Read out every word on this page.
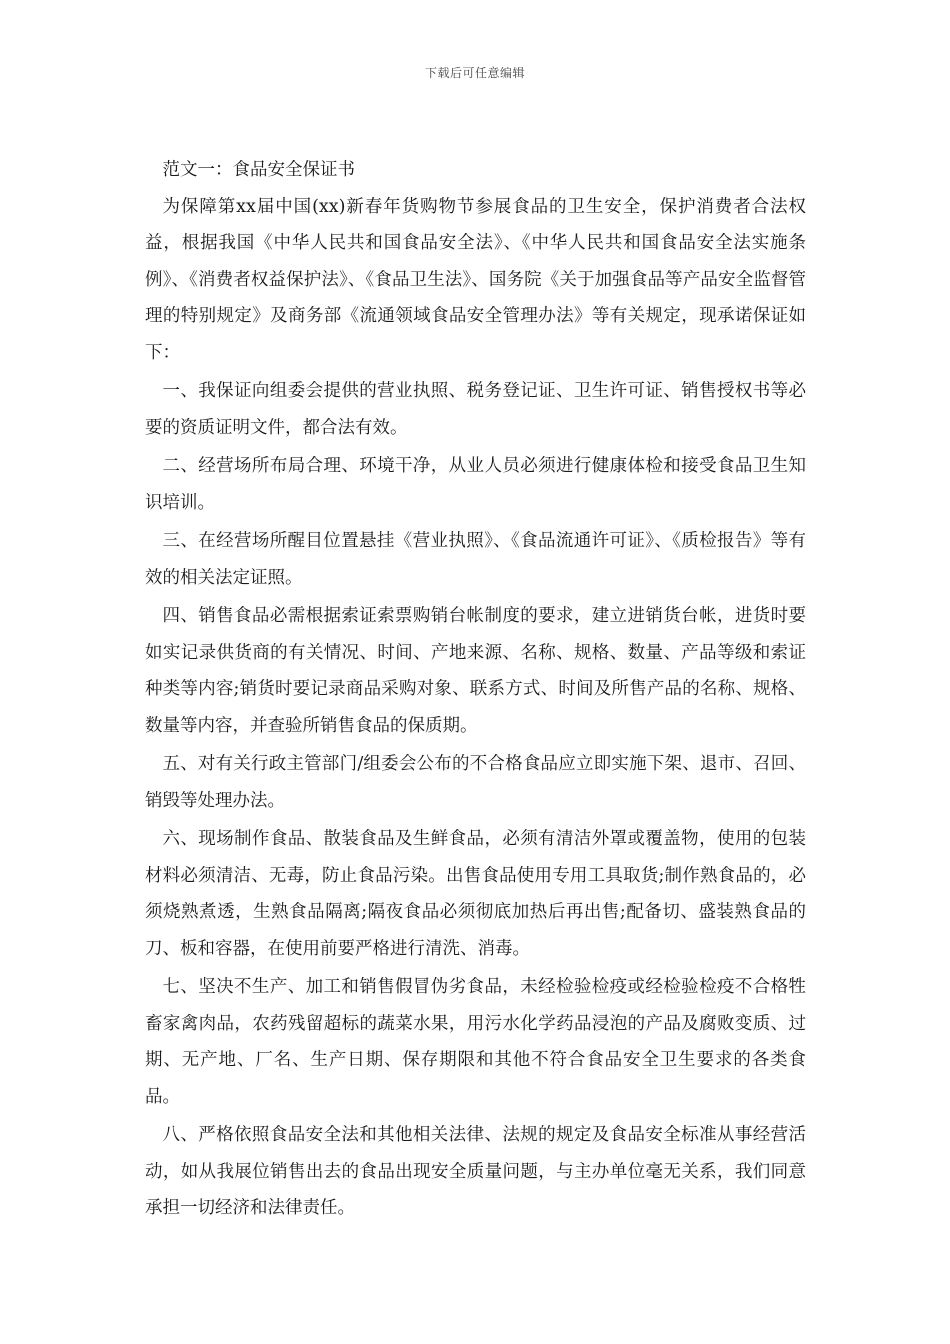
下载后可任意编辑

范文一：食品安全保证书

为保障第xx届中国(xx)新春年货购物节参展食品的卫生安全，保护消费者合法权益，根据我国《中华人民共和国食品安全法》、《中华人民共和国食品安全法实施条例》、《消费者权益保护法》、《食品卫生法》、国务院《关于加强食品等产品安全监督管理的特别规定》及商务部《流通领域食品安全管理办法》等有关规定，现承诺保证如下：

一、我保证向组委会提供的营业执照、税务登记证、卫生许可证、销售授权书等必要的资质证明文件，都合法有效。

二、经营场所布局合理、环境干净，从业人员必须进行健康体检和接受食品卫生知识培训。

三、在经营场所醒目位置悬挂《营业执照》、《食品流通许可证》、《质检报告》等有效的相关法定证照。

四、销售食品必需根据索证索票购销台帐制度的要求，建立进销货台帐，进货时要如实记录供货商的有关情况、时间、产地来源、名称、规格、数量、产品等级和索证种类等内容;销货时要记录商品采购对象、联系方式、时间及所售产品的名称、规格、数量等内容，并查验所销售食品的保质期。

五、对有关行政主管部门/组委会公布的不合格食品应立即实施下架、退市、召回、销毁等处理办法。

六、现场制作食品、散装食品及生鲜食品，必须有清洁外罩或覆盖物，使用的包装材料必须清洁、无毒，防止食品污染。出售食品使用专用工具取货;制作熟食品的，必须烧熟煮透，生熟食品隔离;隔夜食品必须彻底加热后再出售;配备切、盛装熟食品的刀、板和容器，在使用前要严格进行清洗、消毒。

七、坚决不生产、加工和销售假冒伪劣食品，未经检验检疫或经检验检疫不合格牲畜家禽肉品，农药残留超标的蔬菜水果，用污水化学药品浸泡的产品及腐败变质、过期、无产地、厂名、生产日期、保存期限和其他不符合食品安全卫生要求的各类食品。

八、严格依照食品安全法和其他相关法律、法规的规定及食品安全标准从事经营活动，如从我展位销售出去的食品出现安全质量问题，与主办单位毫无关系，我们同意承担一切经济和法律责任。
